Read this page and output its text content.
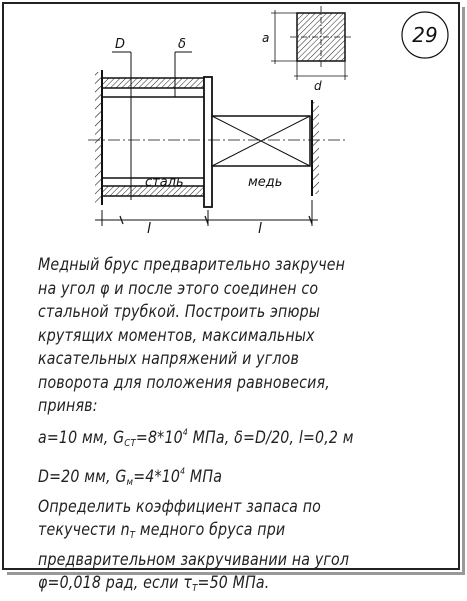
D	δ
сталь	медь
l	l
a
d
29
Медный брус предварительно закручен
на угол φ и после этого соединен со
стальной трубкой. Построить эпюры
крутящих моментов, максимальных
касательных напряжений и углов
поворота для положения равновесия,
приняв:
a=10 мм, $G_{CT}=8*10^4$ МПа, δ=D/20, l=0,2 м
D=20 мм, $G_м=4*10^4$ МПа
Определить коэффициент запаса по
текучести $n_T$ медного бруса при
предварительном закручивании на угол
φ=0,018 рад, если $\tau_T=50$ МПа.
